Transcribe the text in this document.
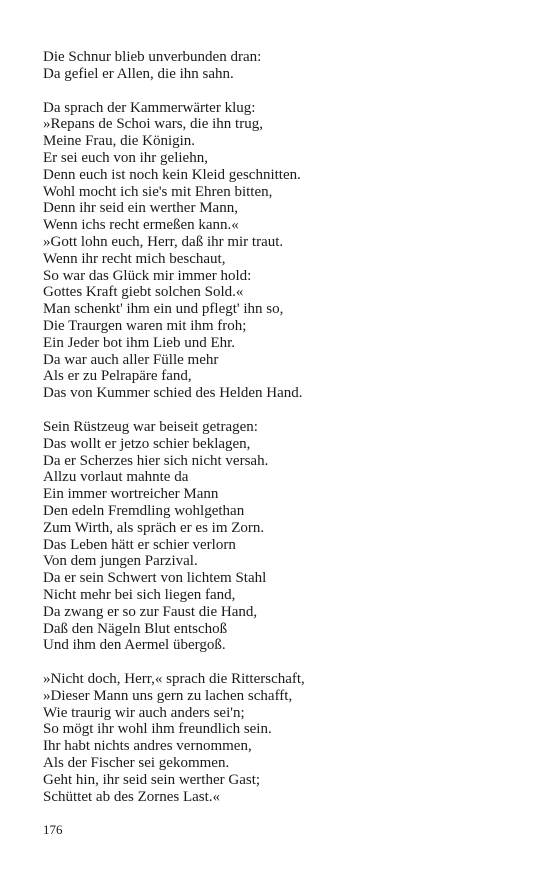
Die Schnur blieb unverbunden dran:
Da gefiel er Allen, die ihn sahn.
Da sprach der Kammerwärter klug:
»Repans de Schoi wars, die ihn trug,
Meine Frau, die Königin.
Er sei euch von ihr geliehn,
Denn euch ist noch kein Kleid geschnitten.
Wohl mocht ich sie's mit Ehren bitten,
Denn ihr seid ein werther Mann,
Wenn ichs recht ermeßen kann.«
»Gott lohn euch, Herr, daß ihr mir traut.
Wenn ihr recht mich beschaut,
So war das Glück mir immer hold:
Gottes Kraft giebt solchen Sold.«
Man schenkt' ihm ein und pflegt' ihn so,
Die Traurgen waren mit ihm froh;
Ein Jeder bot ihm Lieb und Ehr.
Da war auch aller Fülle mehr
Als er zu Pelrapäre fand,
Das von Kummer schied des Helden Hand.
Sein Rüstzeug war beiseit getragen:
Das wollt er jetzo schier beklagen,
Da er Scherzes hier sich nicht versah.
Allzu vorlaut mahnte da
Ein immer wortreicher Mann
Den edeln Fremdling wohlgethan
Zum Wirth, als spräch er es im Zorn.
Das Leben hätt er schier verlorn
Von dem jungen Parzival.
Da er sein Schwert von lichtem Stahl
Nicht mehr bei sich liegen fand,
Da zwang er so zur Faust die Hand,
Daß den Nägeln Blut entschoß
Und ihm den Aermel übergoß.
»Nicht doch, Herr,« sprach die Ritterschaft,
»Dieser Mann uns gern zu lachen schafft,
Wie traurig wir auch anders sei'n;
So mögt ihr wohl ihm freundlich sein.
Ihr habt nichts andres vernommen,
Als der Fischer sei gekommen.
Geht hin, ihr seid sein werther Gast;
Schüttet ab des Zornes Last.«
176
